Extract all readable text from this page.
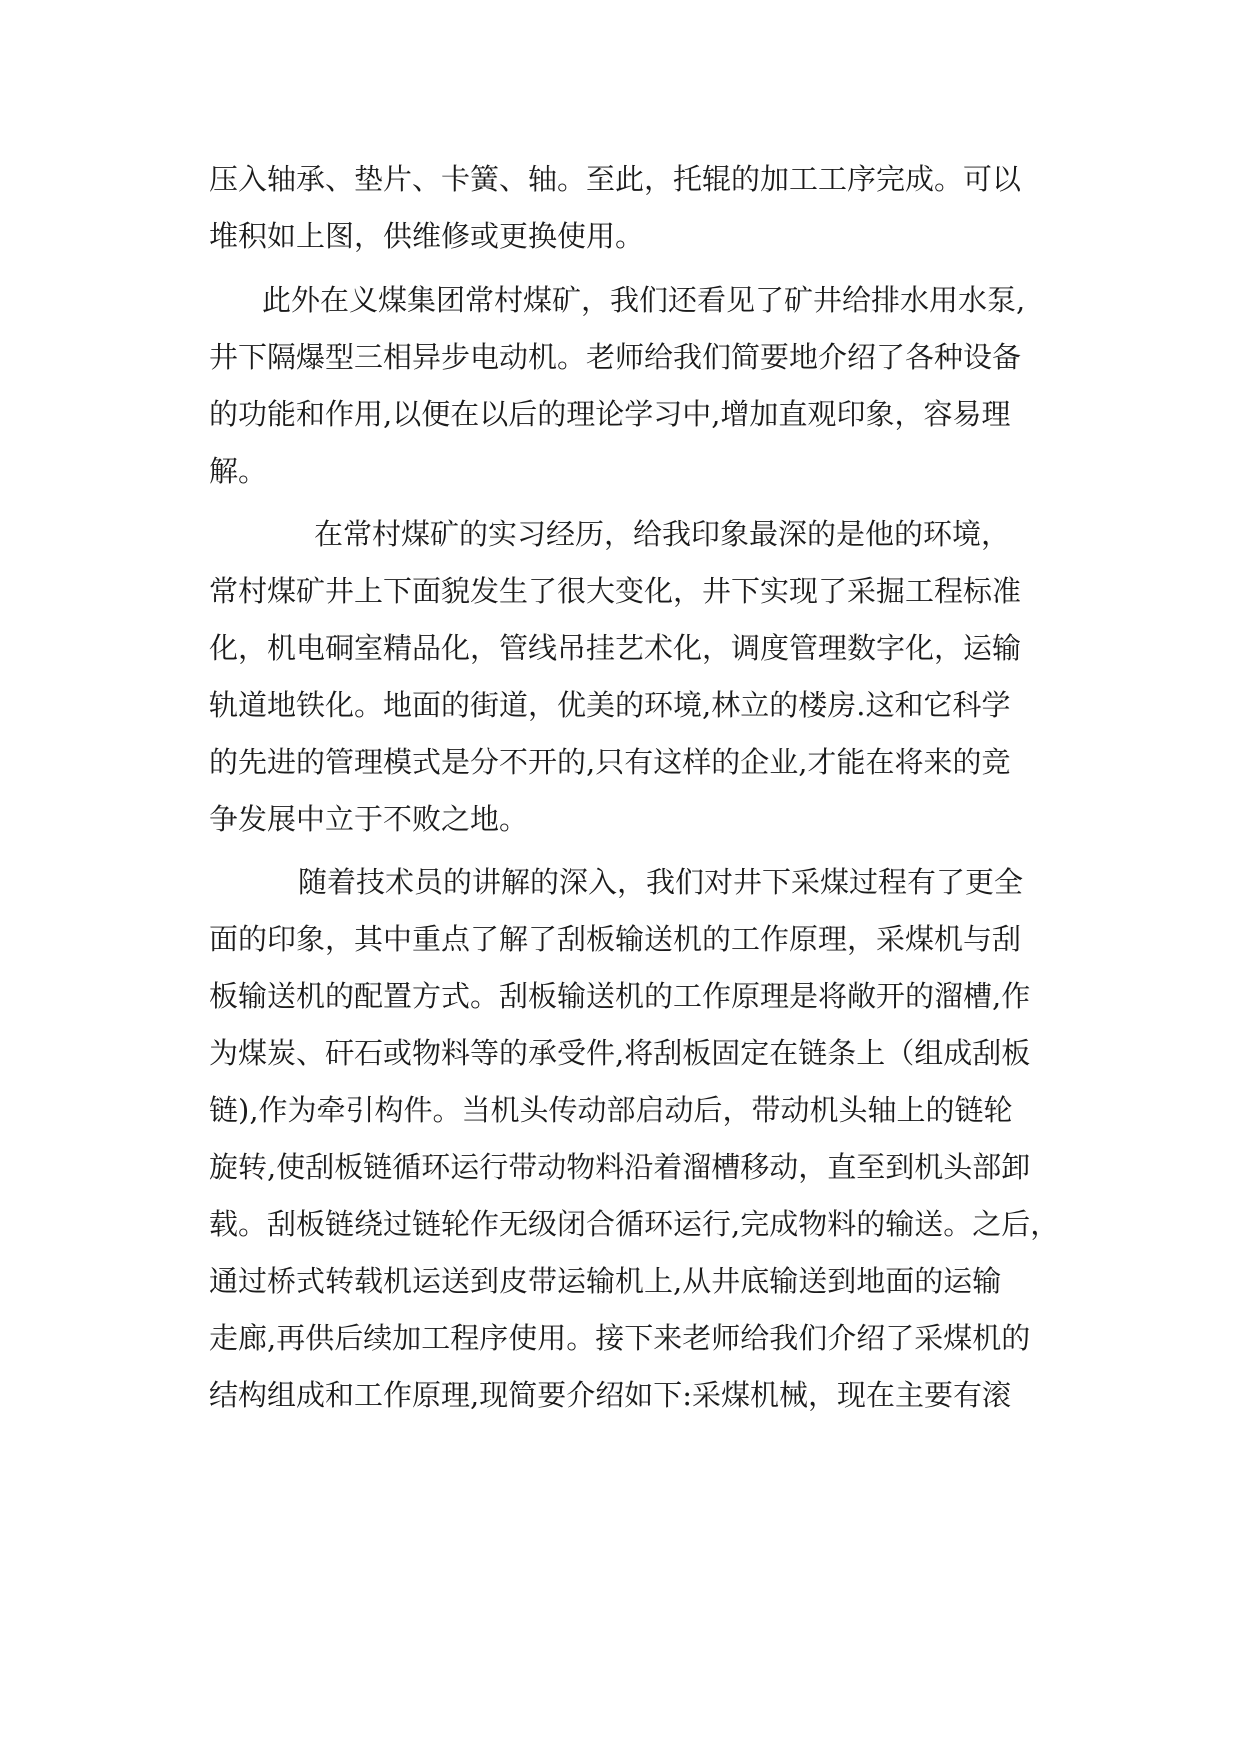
压入轴承、垫片、卡簧、轴。至此，托辊的加工工序完成。可以
堆积如上图，供维修或更换使用。
此外在义煤集团常村煤矿，我们还看见了矿井给排水用水泵,
井下隔爆型三相异步电动机。老师给我们简要地介绍了各种设备
的功能和作用,以便在以后的理论学习中,增加直观印象，容易理
解。
在常村煤矿的实习经历，给我印象最深的是他的环境，
常村煤矿井上下面貌发生了很大变化，井下实现了采掘工程标准
化，机电硐室精品化，管线吊挂艺术化，调度管理数字化，运输
轨道地铁化。地面的街道，优美的环境,林立的楼房.这和它科学
的先进的管理模式是分不开的,只有这样的企业,才能在将来的竞
争发展中立于不败之地。
随着技术员的讲解的深入，我们对井下采煤过程有了更全
面的印象，其中重点了解了刮板输送机的工作原理，采煤机与刮
板输送机的配置方式。刮板输送机的工作原理是将敞开的溜槽,作
为煤炭、矸石或物料等的承受件,将刮板固定在链条上（组成刮板
链),作为牵引构件。当机头传动部启动后，带动机头轴上的链轮
旋转,使刮板链循环运行带动物料沿着溜槽移动，直至到机头部卸
载。刮板链绕过链轮作无级闭合循环运行,完成物料的输送。之后，
通过桥式转载机运送到皮带运输机上,从井底输送到地面的运输
走廊,再供后续加工程序使用。接下来老师给我们介绍了采煤机的
结构组成和工作原理,现简要介绍如下:采煤机械，现在主要有滚
